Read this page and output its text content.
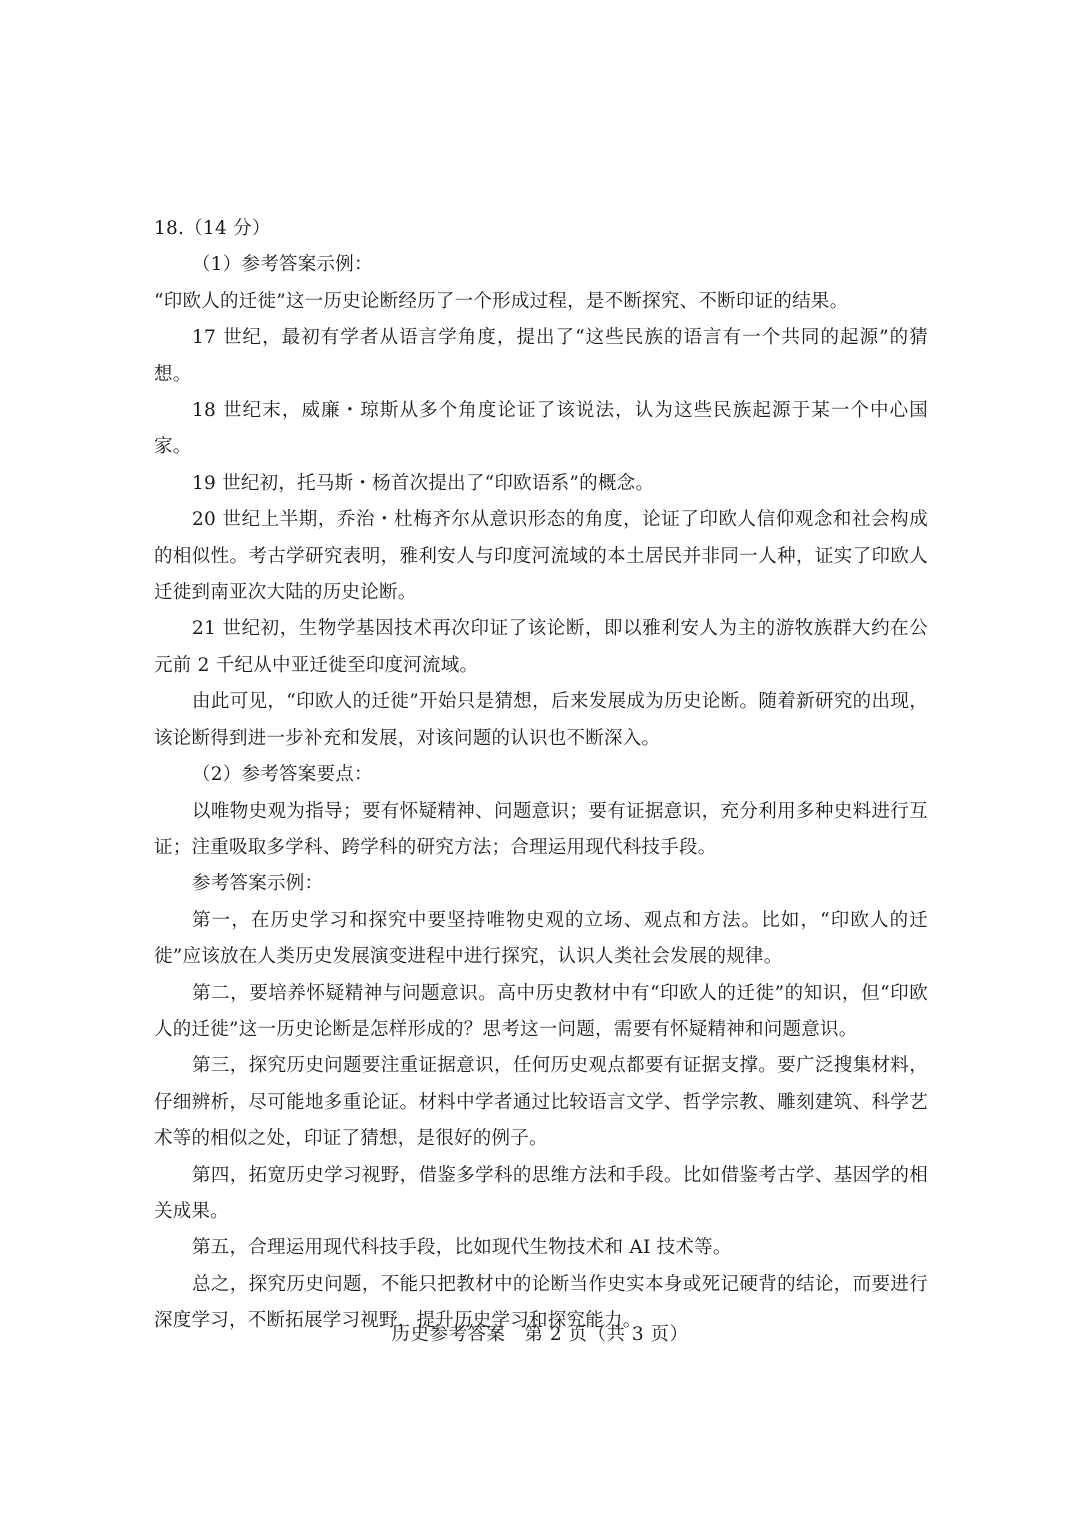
18.（14 分）

（1）参考答案示例：

“印欧人的迁徙”这一历史论断经历了一个形成过程，是不断探究、不断印证的结果。

17 世纪，最初有学者从语言学角度，提出了“这些民族的语言有一个共同的起源”的猜想。

18 世纪末，威廉・琼斯从多个角度论证了该说法，认为这些民族起源于某一个中心国家。

19 世纪初，托马斯・杨首次提出了“印欧语系”的概念。

20 世纪上半期，乔治・杜梅齐尔从意识形态的角度，论证了印欧人信仰观念和社会构成的相似性。考古学研究表明，雅利安人与印度河流域的本土居民并非同一人种，证实了印欧人迁徙到南亚次大陆的历史论断。

21 世纪初，生物学基因技术再次印证了该论断，即以雅利安人为主的游牧族群大约在公元前 2 千纪从中亚迁徙至印度河流域。

由此可见，“印欧人的迁徙”开始只是猜想，后来发展成为历史论断。随着新研究的出现，该论断得到进一步补充和发展，对该问题的认识也不断深入。

（2）参考答案要点：

以唯物史观为指导；要有怀疑精神、问题意识；要有证据意识，充分利用多种史料进行互证；注重吸取多学科、跨学科的研究方法；合理运用现代科技手段。

参考答案示例：

第一，在历史学习和探究中要坚持唯物史观的立场、观点和方法。比如，“印欧人的迁徙”应该放在人类历史发展演变进程中进行探究，认识人类社会发展的规律。

第二，要培养怀疑精神与问题意识。高中历史教材中有“印欧人的迁徙”的知识，但“印欧人的迁徙”这一历史论断是怎样形成的？思考这一问题，需要有怀疑精神和问题意识。

第三，探究历史问题要注重证据意识，任何历史观点都要有证据支撑。要广泛搜集材料，仔细辨析，尽可能地多重论证。材料中学者通过比较语言文学、哲学宗教、雕刻建筑、科学艺术等的相似之处，印证了猜想，是很好的例子。

第四，拓宽历史学习视野，借鉴多学科的思维方法和手段。比如借鉴考古学、基因学的相关成果。

第五，合理运用现代科技手段，比如现代生物技术和 AI 技术等。

总之，探究历史问题，不能只把教材中的论断当作史实本身或死记硬背的结论，而要进行深度学习，不断拓展学习视野，提升历史学习和探究能力。

历史参考答案　第 2 页（共 3 页）
